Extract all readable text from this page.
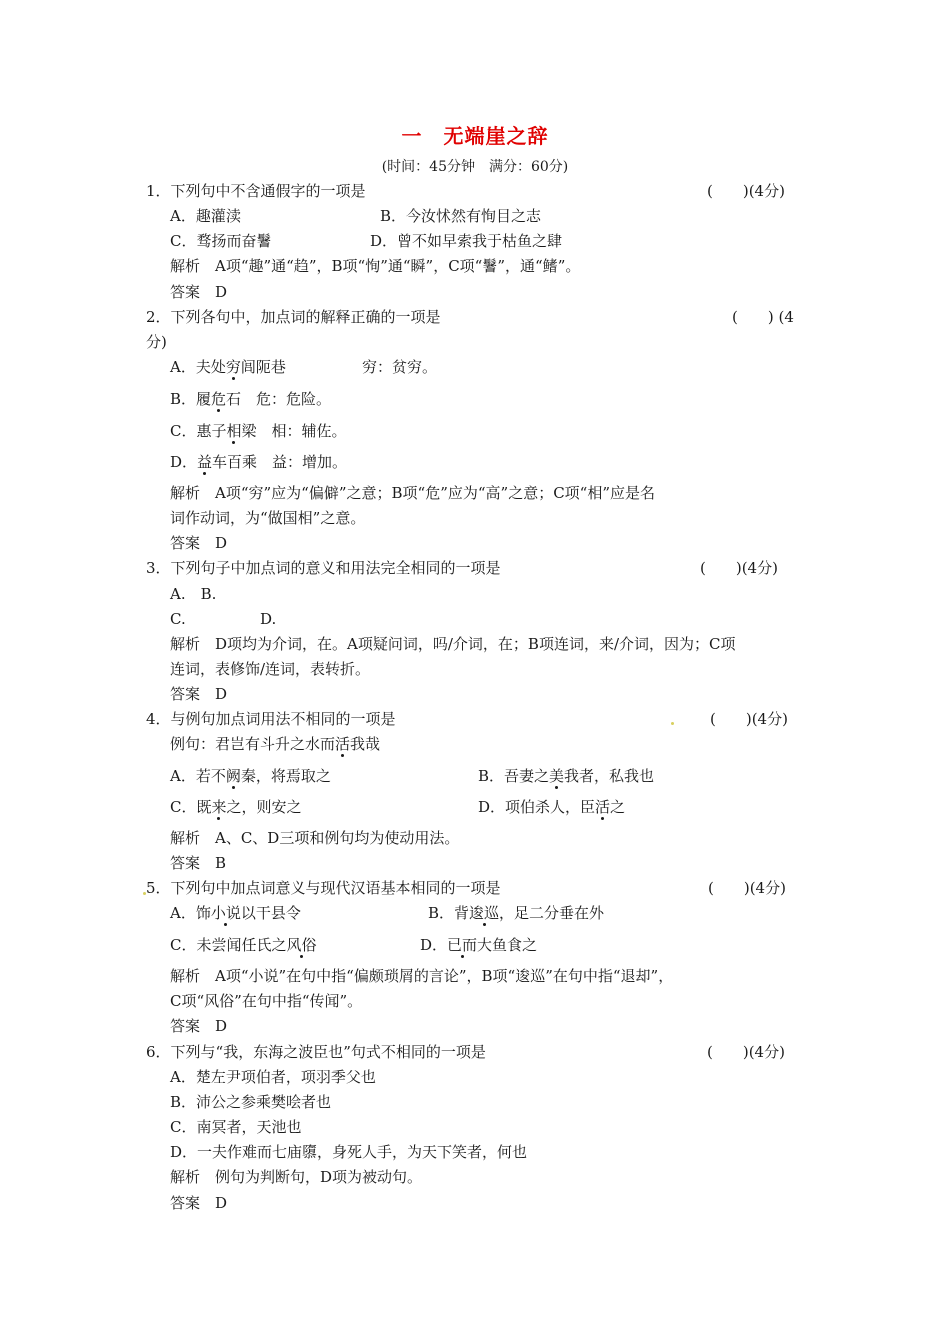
一　无端崖之辞
(时间：45分钟　满分：60分)
1．下列句中不含通假字的一项是	(　　)(4分)
A．趣灌渎	B．今汝怵然有恂目之志
C．骛扬而奋鬐	D．曾不如早索我于枯鱼之肆
解析　A项“趣”通“趋”，B项“恂”通“瞬”，C项“鬐”，通“鳍”。
答案　D
2．下列各句中，加点词的解释正确的一项是	(　　) (4
分)
A．夫处穷闾阨巷	穷：贫穷。
B．履危石　危：危险。
C．惠子相梁　相：辅佐。
D．益车百乘　益：增加。
解析　A项“穷”应为“偏僻”之意；B项“危”应为“高”之意；C项“相”应是名
词作动词，为“做国相”之意。
答案　D
3．下列句子中加点词的意义和用法完全相同的一项是	(　　)(4分)
A.　B.
C.	D.
解析　D项均为介词，在。A项疑问词，吗/介词，在；B项连词，来/介词，因为；C项
连词，表修饰/连词，表转折。
答案　D
4．与例句加点词用法不相同的一项是	(　　)(4分)
例句：君岂有斗升之水而活我哉
A．若不阙秦，将焉取之	B．吾妻之美我者，私我也
C．既来之，则安之	D．项伯杀人，臣活之
解析　A、C、D三项和例句均为使动用法。
答案　B
5．下列句中加点词意义与现代汉语基本相同的一项是	(　　)(4分)
A．饰小说以干县令	B．背逡巡，足二分垂在外
C．未尝闻任氏之风俗	D．已而大鱼食之
解析　A项“小说”在句中指“偏颇琐屑的言论”，B项“逡巡”在句中指“退却”，
C项“风俗”在句中指“传闻”。
答案　D
6．下列与“我，东海之波臣也”句式不相同的一项是	(　　)(4分)
A．楚左尹项伯者，项羽季父也
B．沛公之参乘樊哙者也
C．南冥者，天池也
D．一夫作难而七庙隳，身死人手，为天下笑者，何也
解析　例句为判断句，D项为被动句。
答案　D
